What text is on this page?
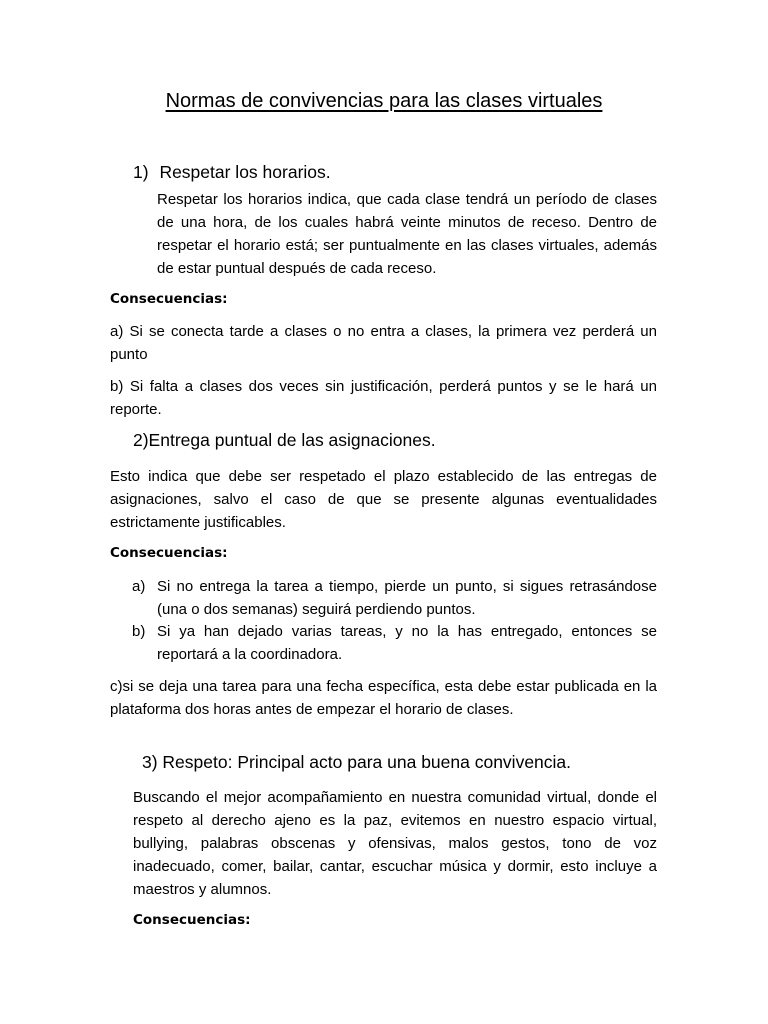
Normas de convivencias para las clases virtuales
1) Respetar los horarios.
Respetar los horarios indica, que cada clase tendrá un período de clases de una hora, de los cuales habrá veinte minutos de receso. Dentro de respetar el horario está; ser puntualmente en las clases virtuales, además de estar puntual después de cada receso.
Consecuencias:
a) Si se conecta tarde a clases o no entra a clases, la primera vez perderá un punto
b) Si falta a clases dos veces sin justificación, perderá puntos y se le hará un reporte.
2)Entrega puntual de las asignaciones.
Esto indica que debe ser respetado el plazo establecido de las entregas de asignaciones, salvo el caso de que se presente algunas eventualidades estrictamente justificables.
Consecuencias:
a) Si no entrega la tarea a tiempo, pierde un punto, si sigues retrasándose (una o dos semanas) seguirá perdiendo puntos.
b) Si ya han dejado varias tareas, y no la has entregado, entonces se reportará a la coordinadora.
c)si se deja una tarea para una fecha específica, esta debe estar publicada en la plataforma dos horas antes de empezar el horario de clases.
3) Respeto: Principal acto para una buena convivencia.
Buscando el mejor acompañamiento en nuestra comunidad virtual, donde el respeto al derecho ajeno es la paz, evitemos en nuestro espacio virtual, bullying, palabras obscenas y ofensivas, malos gestos, tono de voz inadecuado, comer, bailar, cantar, escuchar música y dormir, esto incluye a maestros y alumnos.
Consecuencias:
